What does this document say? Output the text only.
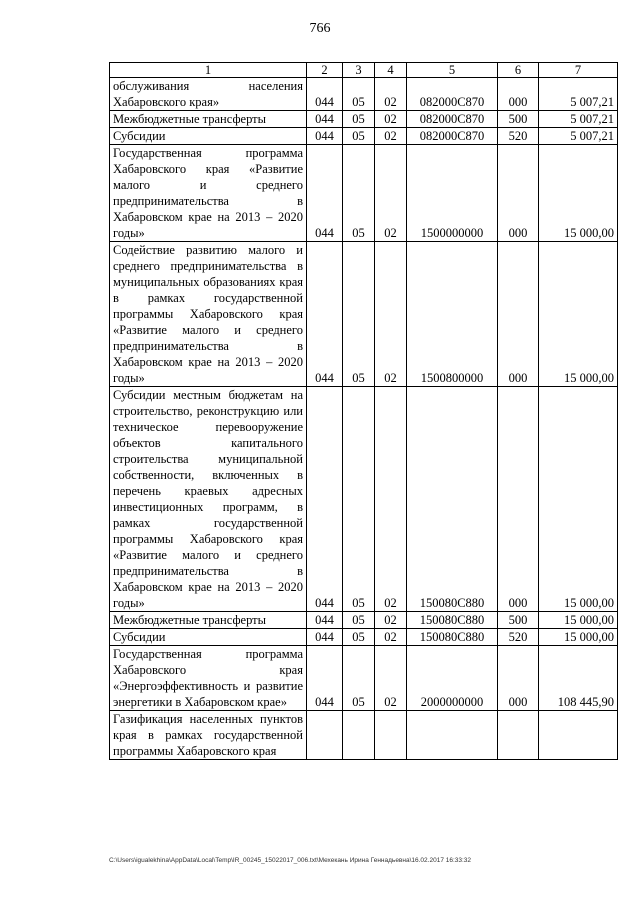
766
1	2	3	4	5	6	7
обслуживания населения Хабаровского края»	044	05	02	082000C870	000	5 007,21
Межбюджетные трансферты	044	05	02	082000C870	500	5 007,21
Субсидии	044	05	02	082000C870	520	5 007,21
Государственная программа Хабаровского края «Развитие малого и среднего предпринимательства в Хабаровском крае на 2013 – 2020 годы»	044	05	02	1500000000	000	15 000,00
Содействие развитию малого и среднего предпринимательства в муниципальных образованиях края в рамках государственной программы Хабаровского края «Развитие малого и среднего предпринимательства в Хабаровском крае на 2013 – 2020 годы»	044	05	02	1500800000	000	15 000,00
Субсидии местным бюджетам на строительство, реконструкцию или техническое перевооружение объектов капитального строительства муниципальной собственности, включенных в перечень краевых адресных инвестиционных программ, в рамках государственной программы Хабаровского края «Развитие малого и среднего предпринимательства в Хабаровском крае на 2013 – 2020 годы»	044	05	02	150080C880	000	15 000,00
Межбюджетные трансферты	044	05	02	150080C880	500	15 000,00
Субсидии	044	05	02	150080C880	520	15 000,00
Государственная программа Хабаровского края «Энергоэффективность и развитие энергетики в Хабаровском крае»	044	05	02	2000000000	000	108 445,90
Газификация населенных пунктов края в рамках государственной программы Хабаровского края						
C:\Users\igualekhina\AppData\Local\Temp\IR_00245_15022017_006.txt\Мехекань Ирина Геннадьевна\16.02.2017 16:33:32
